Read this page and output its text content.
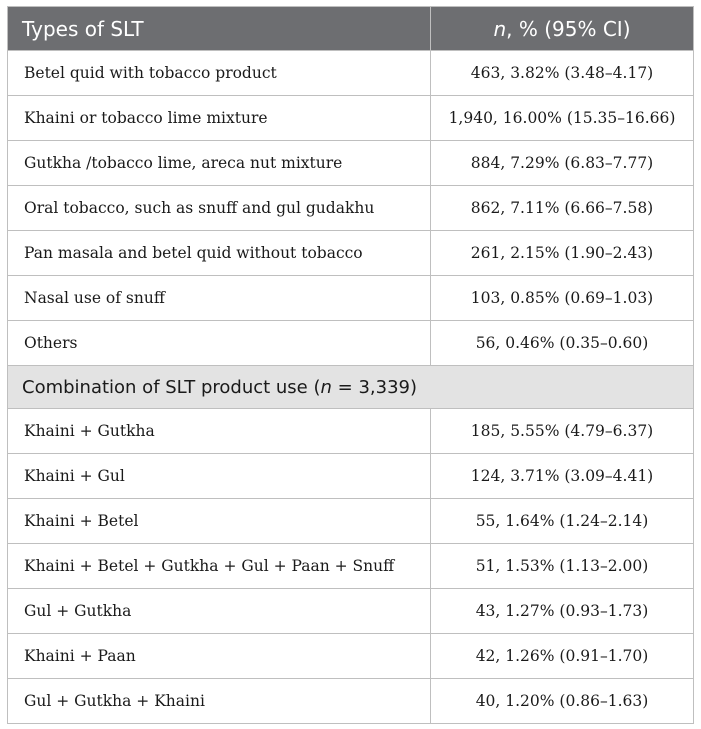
Types of SLT	n, % (95% CI)
Betel quid with tobacco product	463, 3.82% (3.48–4.17)
Khaini or tobacco lime mixture	1,940, 16.00% (15.35–16.66)
Gutkha /tobacco lime, areca nut mixture	884, 7.29% (6.83–7.77)
Oral tobacco, such as snuff and gul gudakhu	862, 7.11% (6.66–7.58)
Pan masala and betel quid without tobacco	261, 2.15% (1.90–2.43)
Nasal use of snuff	103, 0.85% (0.69–1.03)
Others	56, 0.46% (0.35–0.60)
Combination of SLT product use (n = 3,339)	
Khaini + Gutkha	185, 5.55% (4.79–6.37)
Khaini + Gul	124, 3.71% (3.09–4.41)
Khaini + Betel	55, 1.64% (1.24–2.14)
Khaini + Betel + Gutkha + Gul + Paan + Snuff	51, 1.53% (1.13–2.00)
Gul + Gutkha	43, 1.27% (0.93–1.73)
Khaini + Paan	42, 1.26% (0.91–1.70)
Gul + Gutkha + Khaini	40, 1.20% (0.86–1.63)
